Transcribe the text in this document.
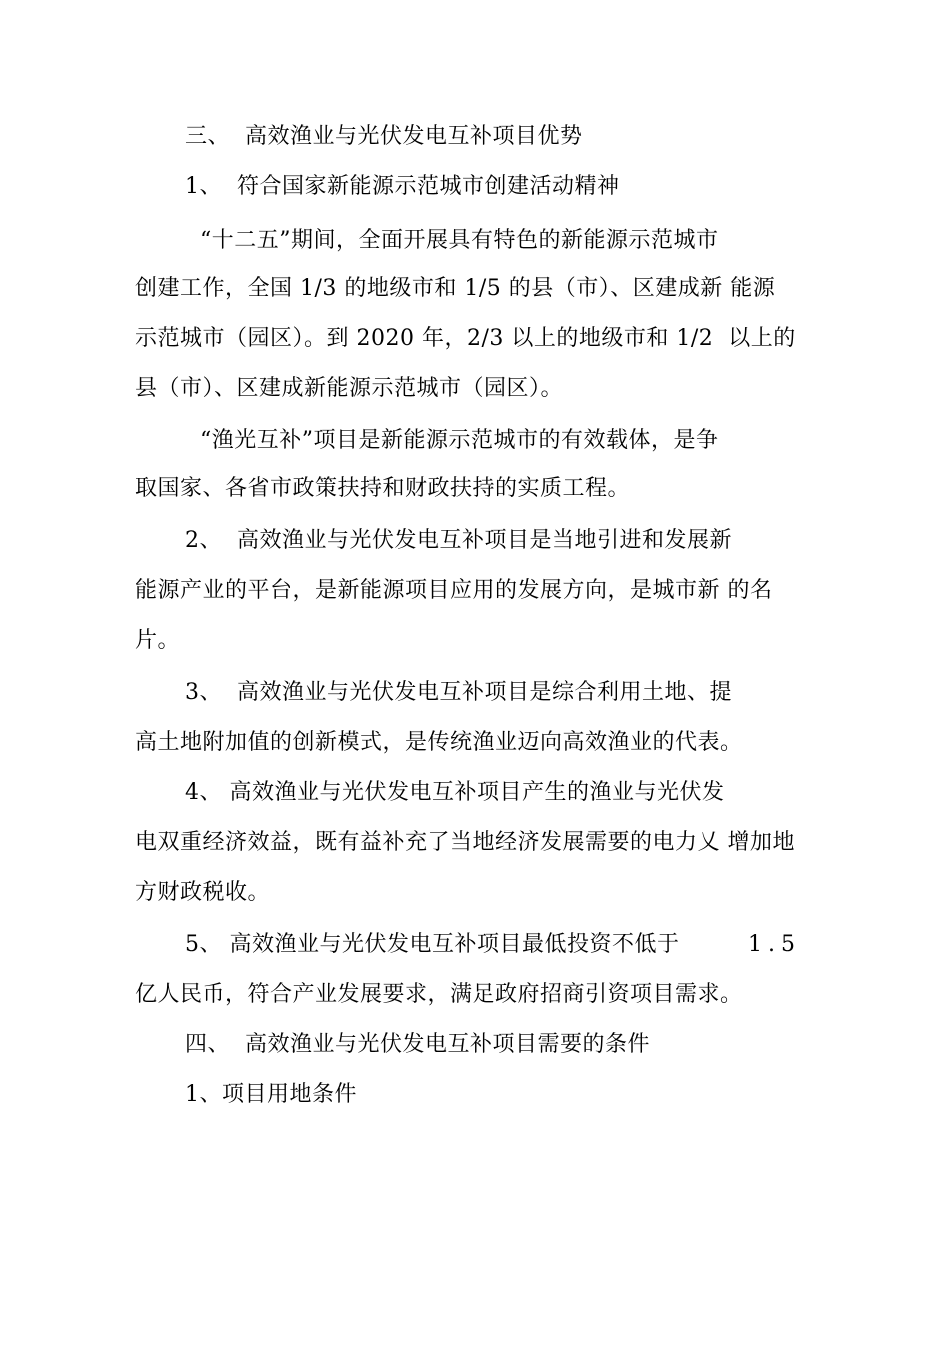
三、  高效渔业与光伏发电互补项目优势
1、  符合国家新能源示范城市创建活动精神
“十二五”期间，全面开展具有特色的新能源示范城市
创建工作，全国 1/3 的地级市和 1/5 的县（市）、区建成新 能源
示范城市（园区）。到 2020 年，2/3 以上的地级市和 1/2  以上的
县（市）、区建成新能源示范城市（园区）。
“渔光互补”项目是新能源示范城市的有效载体，是争
取国家、各省市政策扶持和财政扶持的实质工程。
2、  高效渔业与光伏发电互补项目是当地引进和发展新
能源产业的平台，是新能源项目应用的发展方向，是城市新 的名
片。
3、  高效渔业与光伏发电互补项目是综合利用土地、提
高土地附加值的创新模式，是传统渔业迈向高效渔业的代表。
4、 高效渔业与光伏发电互补项目产生的渔业与光伏发
电双重经济效益，既有益补充了当地经济发展需要的电力乂 增加地
方财政税收。
5、 高效渔业与光伏发电互补项目最低投资不低于	1.5
亿人民币，符合产业发展要求，满足政府招商引资项目需求。
四、  高效渔业与光伏发电互补项目需要的条件
1、项目用地条件
